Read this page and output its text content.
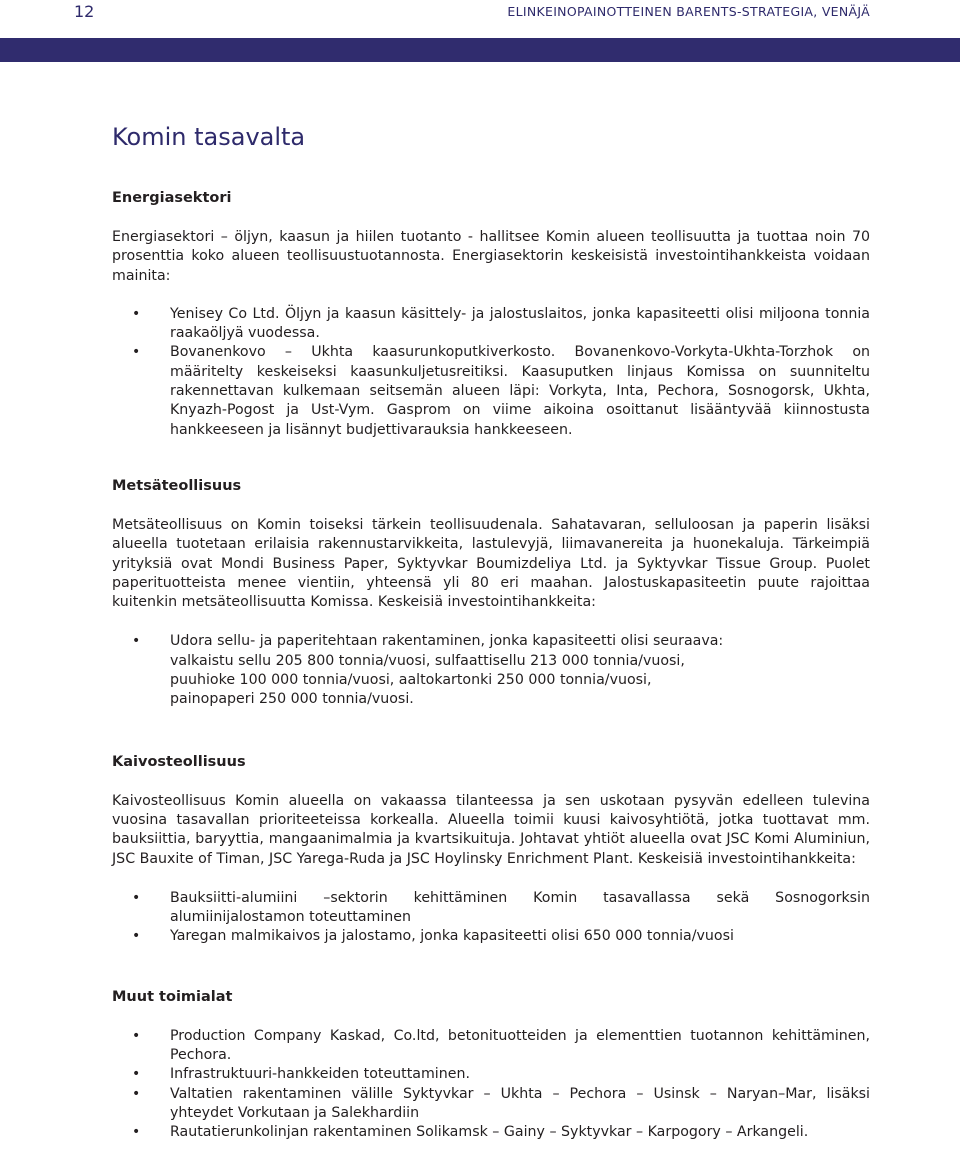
12	ELINKEINOPAINOTTEINEN BARENTS-STRATEGIA, VENÄJÄ
Komin tasavalta
Energiasektori

Energiasektori – öljyn, kaasun ja hiilen tuotanto - hallitsee Komin alueen teollisuutta ja tuottaa noin 70 prosenttia koko alueen teollisuustuotannosta. Energiasektorin keskeisistä investointihankkeista voidaan mainita:

• Yenisey Co Ltd. Öljyn ja kaasun käsittely- ja jalostuslaitos, jonka kapasiteetti olisi miljoona tonnia raakaöljyä vuodessa.
• Bovanenkovo – Ukhta kaasurunkoputkiverkosto. Bovanenkovo-Vorkyta-Ukhta-Torzhok on määritelty keskeiseksi kaasunkuljetusreitiksi. Kaasuputken linjaus Komissa on suunniteltu rakennettavan kulkemaan seitsemän alueen läpi: Vorkyta, Inta, Pechora, Sosnogorsk, Ukhta, Knyazh-Pogost ja Ust-Vym. Gasprom on viime aikoina osoittanut lisääntyvää kiinnostusta hankkeeseen ja lisännyt budjettivarauksia hankkeeseen.
Metsäteollisuus

Metsäteollisuus on Komin toiseksi tärkein teollisuudenala. Sahatavaran, selluloosan ja paperin lisäksi alueella tuotetaan erilaisia rakennustarvikkeita, lastulevyjä, liimavanereita ja huonekaluja. Tärkeimpiä yrityksiä ovat Mondi Business Paper, Syktyvkar Boumizdeliya Ltd. ja Syktyvkar Tissue Group. Puolet paperituotteista menee vientiin, yhteensä yli 80 eri maahan. Jalostuskapasiteetin puute rajoittaa kuitenkin metsäteollisuutta Komissa. Keskeisiä investointihankkeita:

• Udora sellu- ja paperitehtaan rakentaminen, jonka kapasiteetti olisi seuraava:
valkaistu sellu 205 800 tonnia/vuosi, sulfaattisellu 213 000 tonnia/vuosi,
puuhioke 100 000 tonnia/vuosi, aaltokartonki 250 000 tonnia/vuosi,
painopaperi 250 000 tonnia/vuosi.
Kaivosteollisuus

Kaivosteollisuus Komin alueella on vakaassa tilanteessa ja sen uskotaan pysyvän edelleen tulevina vuosina tasavallan prioriteeteissa korkealla. Alueella toimii kuusi kaivosyhtiötä, jotka tuottavat mm. bauksiittia, baryyttia, mangaanimalmia ja kvartsikuituja. Johtavat yhtiöt alueella ovat JSC Komi Aluminiun, JSC Bauxite of Timan, JSC Yarega-Ruda ja JSC Hoylinsky Enrichment Plant. Keskeisiä investointihankkeita:

• Bauksiitti-alumiini –sektorin kehittäminen Komin tasavallassa sekä Sosnogorksin alumiinijalostamon toteuttaminen
• Yaregan malmikaivos ja jalostamo, jonka kapasiteetti olisi 650 000 tonnia/vuosi
Muut toimialat
• Production Company Kaskad, Co.ltd, betonituotteiden ja elementtien tuotannon kehittäminen, Pechora.
• Infrastruktuuri-hankkeiden toteuttaminen.
• Valtatien rakentaminen välille Syktyvkar – Ukhta – Pechora – Usinsk – Naryan–Mar, lisäksi yhteydet Vorkutaan ja Salekhardiin
• Rautatierunkolinjan rakentaminen Solikamsk – Gainy – Syktyvkar – Karpogory – Arkangeli.
